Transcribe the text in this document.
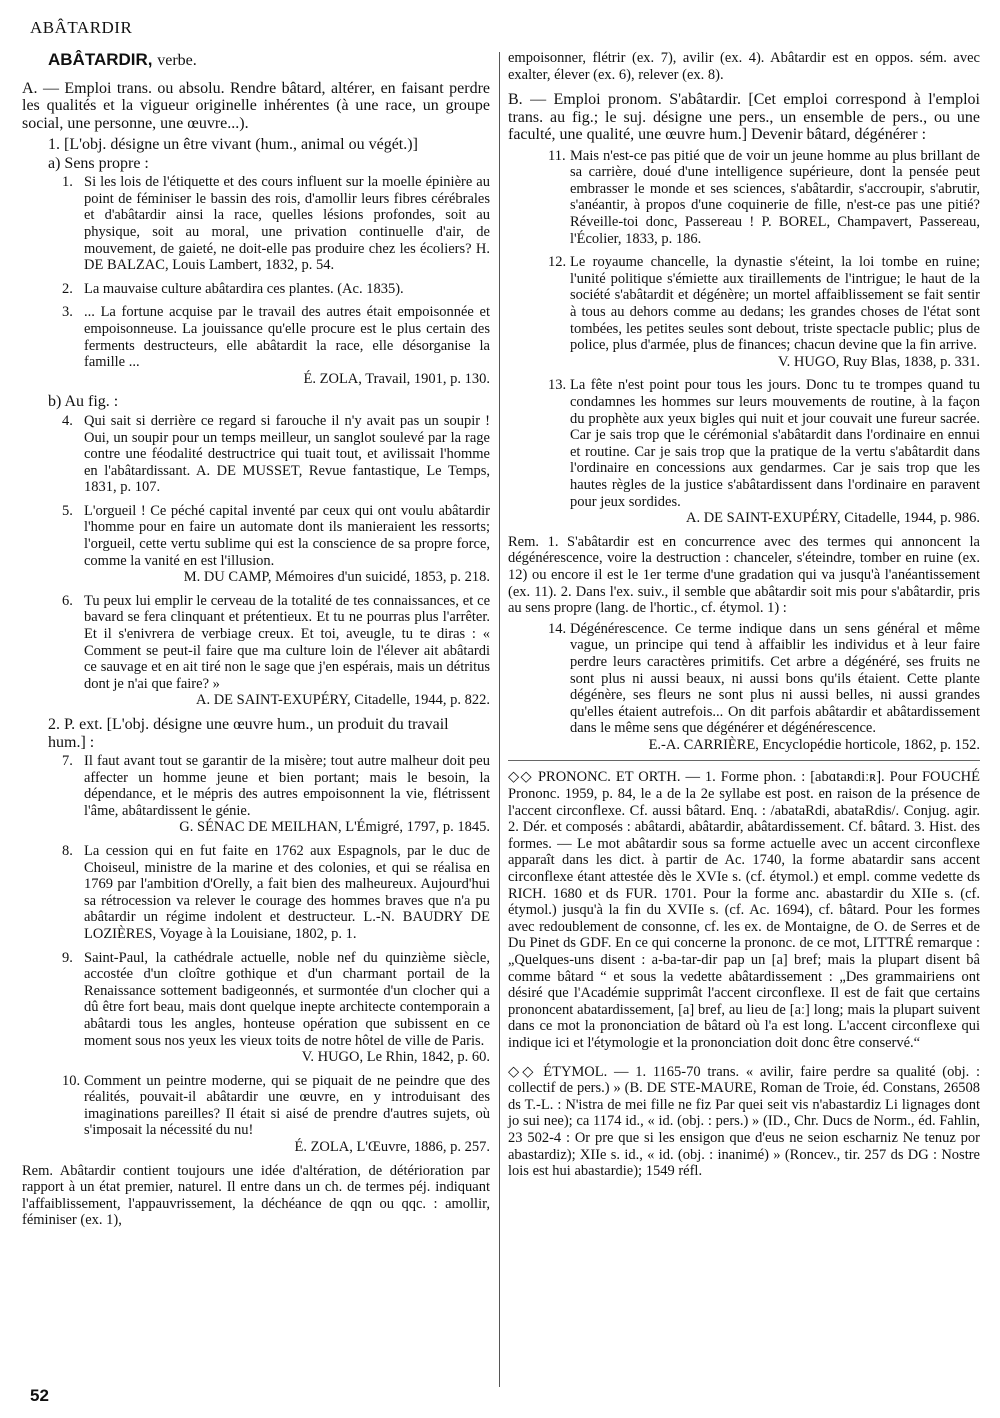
ABÂTARDIR
ABÂTARDIR, verbe.

A. — Emploi trans. ou absolu. Rendre bâtard, altérer, en faisant perdre les qualités et la vigueur originelle inhérentes (à une race, un groupe social, une personne, une œuvre...).

1. [L'obj. désigne un être vivant (hum., animal ou végét.)]

a) Sens propre :

1. Si les lois de l'étiquette et des cours influent sur la moelle épinière au point de féminiser le bassin des rois, d'amollir leurs fibres cérébrales et d'abâtardir ainsi la race, quelles lésions profondes, soit au physique, soit au moral, une privation continuelle d'air, de mouvement, de gaieté, ne doit-elle pas produire chez les écoliers? H. DE BALZAC, Louis Lambert, 1832, p. 54.
2. La mauvaise culture abâtardira ces plantes. (Ac. 1835).
3. ... La fortune acquise par le travail des autres était empoisonnée et empoisonneuse. La jouissance qu'elle procure est le plus certain des ferments destructeurs, elle abâtardit la race, elle désorganise la famille ...
É. ZOLA, Travail, 1901, p. 130.

b) Au fig. :

4. Qui sait si derrière ce regard si farouche il n'y avait pas un soupir ! Oui, un soupir pour un temps meilleur, un sanglot soulevé par la rage contre une féodalité destructrice qui tuait tout, et avilissait l'homme en l'abâtardissant. A. DE MUSSET, Revue fantastique, Le Temps, 1831, p. 107.
5. L'orgueil ! Ce péché capital inventé par ceux qui ont voulu abâtardir l'homme pour en faire un automate dont ils manieraient les ressorts; l'orgueil, cette vertu sublime qui est la conscience de sa propre force, comme la vanité en est l'illusion.
M. DU CAMP, Mémoires d'un suicidé, 1853, p. 218.
6. Tu peux lui emplir le cerveau de la totalité de tes connaissances, et ce bavard se fera clinquant et prétentieux. Et tu ne pourras plus l'arrêter. Et il s'enivrera de verbiage creux. Et toi, aveugle, tu te diras : « Comment se peut-il faire que ma culture loin de l'élever ait abâtardi ce sauvage et en ait tiré non le sage que j'en espérais, mais un détritus dont je n'ai que faire? »
A. DE SAINT-EXUPÉRY, Citadelle, 1944, p. 822.

2. P. ext. [L'obj. désigne une œuvre hum., un produit du travail hum.] :

7. Il faut avant tout se garantir de la misère; tout autre malheur doit peu affecter un homme jeune et bien portant; mais le besoin, la dépendance, et le mépris des autres empoisonnent la vie, flétrissent l'âme, abâtardissent le génie.
G. SÉNAC DE MEILHAN, L'Émigré, 1797, p. 1845.
8. La cession qui en fut faite en 1762 aux Espagnols, par le duc de Choiseul, ministre de la marine et des colonies, et qui se réalisa en 1769 par l'ambition d'Orelly, a fait bien des malheureux. Aujourd'hui sa rétrocession va relever le courage des hommes braves que n'a pu abâtardir un régime indolent et destructeur. L.-N. BAUDRY DE LOZIÈRES, Voyage à la Louisiane, 1802, p. 1.
9. Saint-Paul, la cathédrale actuelle, noble nef du quinzième siècle, accostée d'un cloître gothique et d'un charmant portail de la Renaissance sottement badigeonnés, et surmontée d'un clocher qui a dû être fort beau, mais dont quelque inepte architecte contemporain a abâtardi tous les angles, honteuse opération que subissent en ce moment sous nos yeux les vieux toits de notre hôtel de ville de Paris.
V. HUGO, Le Rhin, 1842, p. 60.
10. Comment un peintre moderne, qui se piquait de ne peindre que des réalités, pouvait-il abâtardir une œuvre, en y introduisant des imaginations pareilles? Il était si aisé de prendre d'autres sujets, où s'imposait la nécessité du nu!
É. ZOLA, L'Œuvre, 1886, p. 257.

Rem. Abâtardir contient toujours une idée d'altération, de détérioration par rapport à un état premier, naturel. Il entre dans un ch. de termes péj. indiquant l'affaiblissement, l'appauvrissement, la déchéance de qqn ou qqc. : amollir, féminiser (ex. 1),

empoisonner, flétrir (ex. 7), avilir (ex. 4). Abâtardir est en oppos. sém. avec exalter, élever (ex. 6), relever (ex. 8).

B. — Emploi pronom. S'abâtardir. [Cet emploi correspond à l'emploi trans. au fig.; le suj. désigne une pers., un ensemble de pers., ou une faculté, une qualité, une œuvre hum.] Devenir bâtard, dégénérer :

11. Mais n'est-ce pas pitié que de voir un jeune homme au plus brillant de sa carrière, doué d'une intelligence supérieure, dont la pensée peut embrasser le monde et ses sciences, s'abâtardir, s'accroupir, s'abrutir, s'anéantir, à propos d'une coquinerie de fille, n'est-ce pas une pitié? Réveille-toi donc, Passereau ! P. BOREL, Champavert, Passereau, l'Écolier, 1833, p. 186.
12. Le royaume chancelle, la dynastie s'éteint, la loi tombe en ruine; l'unité politique s'émiette aux tiraillements de l'intrigue; le haut de la société s'abâtardit et dégénère; un mortel affaiblissement se fait sentir à tous au dehors comme au dedans; les grandes choses de l'état sont tombées, les petites seules sont debout, triste spectacle public; plus de police, plus d'armée, plus de finances; chacun devine que la fin arrive.
V. HUGO, Ruy Blas, 1838, p. 331.
13. La fête n'est point pour tous les jours. Donc tu te trompes quand tu condamnes les hommes sur leurs mouvements de routine, à la façon du prophète aux yeux bigles qui nuit et jour couvait une fureur sacrée. Car je sais trop que le cérémonial s'abâtardit dans l'ordinaire en ennui et routine. Car je sais trop que la pratique de la vertu s'abâtardit dans l'ordinaire en concessions aux gendarmes. Car je sais trop que les hautes règles de la justice s'abâtardissent dans l'ordinaire en paravent pour jeux sordides.
A. DE SAINT-EXUPÉRY, Citadelle, 1944, p. 986.

Rem. 1. S'abâtardir est en concurrence avec des termes qui annoncent la dégénérescence, voire la destruction : chanceler, s'éteindre, tomber en ruine (ex. 12) ou encore il est le 1er terme d'une gradation qui va jusqu'à l'anéantissement (ex. 11). 2. Dans l'ex. suiv., il semble que abâtardir soit mis pour s'abâtardir, pris au sens propre (lang. de l'hortic., cf. étymol. 1) :

14. Dégénérescence. Ce terme indique dans un sens général et même vague, un principe qui tend à affaiblir les individus et à leur faire perdre leurs caractères primitifs. Cet arbre a dégénéré, ses fruits ne sont plus ni aussi beaux, ni aussi bons qu'ils étaient. Cette plante dégénère, ses fleurs ne sont plus ni aussi belles, ni aussi grandes qu'elles étaient autrefois... On dit parfois abâtardir et abâtardissement dans le même sens que dégénérer et dégénérescence.
E.-A. CARRIÈRE, Encyclopédie horticole, 1862, p. 152.

◇◇ PRONONC. ET ORTH. — 1. Forme phon. : [abɑtaʀdiːʀ]. Pour FOUCHÉ Prononc. 1959, p. 84, le a de la 2e syllabe est post. en raison de la présence de l'accent circonflexe. Cf. aussi bâtard. Enq. : /abataRdi, abataRdis/. Conjug. agir. 2. Dér. et composés : abâtardi, abâtardir, abâtardissement. Cf. bâtard. 3. Hist. des formes. — Le mot abâtardir sous sa forme actuelle avec un accent circonflexe apparaît dans les dict. à partir de Ac. 1740, la forme abatardir sans accent circonflexe étant attestée dès le XVIe s. (cf. étymol.) et empl. comme vedette ds RICH. 1680 et ds FUR. 1701. Pour la forme anc. abastardir du XIIe s. (cf. étymol.) jusqu'à la fin du XVIIe s. (cf. Ac. 1694), cf. bâtard. Pour les formes avec redoublement de consonne, cf. les ex. de Montaigne, de O. de Serres et de Du Pinet ds GDF. En ce qui concerne la prononc. de ce mot, LITTRÉ remarque : „Quelques-uns disent : a-ba-tar-dir pap un [a] bref; mais la plupart disent bâ comme bâtard “ et sous la vedette abâtardissement : „Des grammairiens ont désiré que l'Académie supprimât l'accent circonflexe. Il est de fait que certains prononcent abatardissement, [a] bref, au lieu de [aː] long; mais la plupart suivent dans ce mot la prononciation de bâtard où l'a est long. L'accent circonflexe qui indique ici et l'étymologie et la prononciation doit donc être conservé.“

◇◇ ÉTYMOL. — 1. 1165-70 trans. « avilir, faire perdre sa qualité (obj. : collectif de pers.) » (B. DE STE-MAURE, Roman de Troie, éd. Constans, 26508 ds T.-L. : N'istra de mei fille ne fiz Par quei seit vis n'abastardiz Li lignages dont jo sui nee); ca 1174 id., « id. (obj. : pers.) » (ID., Chr. Ducs de Norm., éd. Fahlin, 23 502-4 : Or pre que si les ensigon que d'eus ne seion escharniz Ne tenuz por abastardiz); XIIe s. id., « id. (obj. : inanimé) » (Roncev., tir. 257 ds DG : Nostre lois est hui abastardie); 1549 réfl.

52
